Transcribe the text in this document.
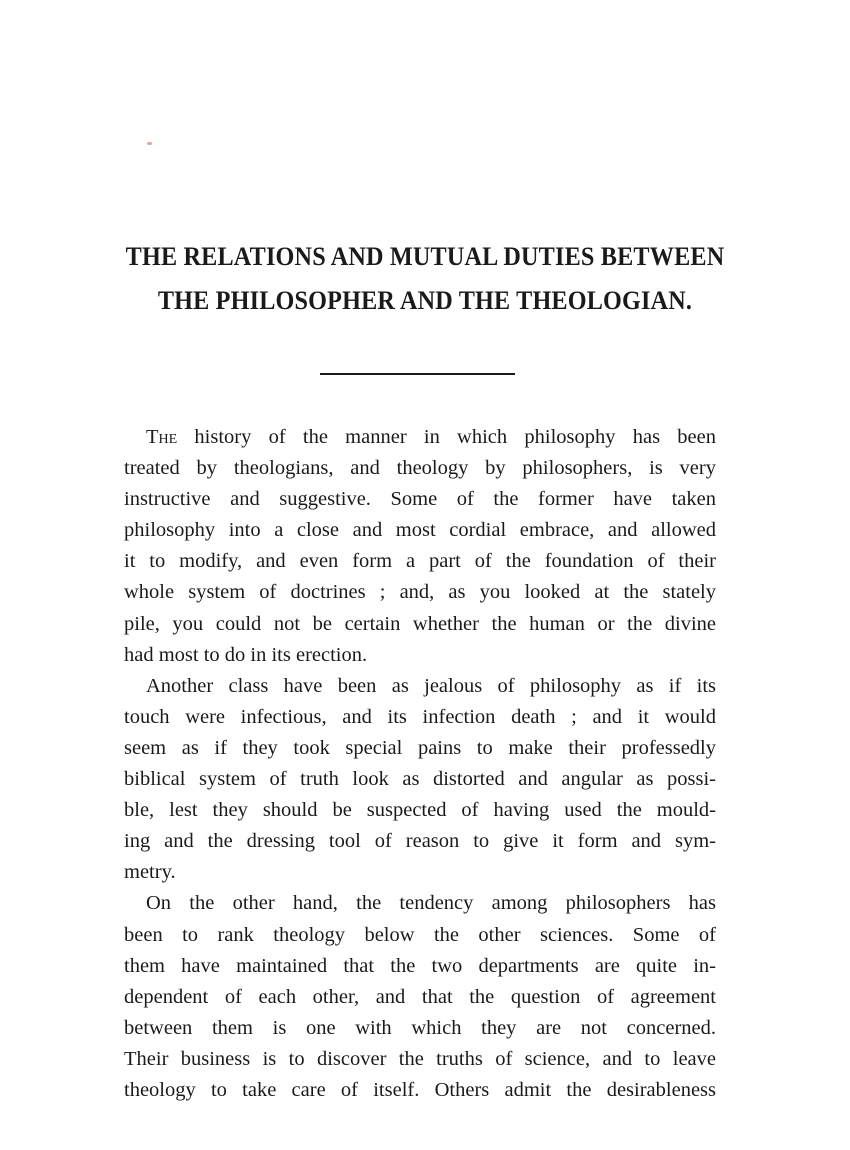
THE RELATIONS AND MUTUAL DUTIES BETWEEN
THE PHILOSOPHER AND THE THEOLOGIAN.
The history of the manner in which philosophy has been
treated by theologians, and theology by philosophers, is very
instructive and suggestive. Some of the former have taken
philosophy into a close and most cordial embrace, and allowed
it to modify, and even form a part of the foundation of their
whole system of doctrines ; and, as you looked at the stately
pile, you could not be certain whether the human or the divine
had most to do in its erection.
Another class have been as jealous of philosophy as if its
touch were infectious, and its infection death ; and it would
seem as if they took special pains to make their professedly
biblical system of truth look as distorted and angular as possi-
ble, lest they should be suspected of having used the mould-
ing and the dressing tool of reason to give it form and sym-
metry.
On the other hand, the tendency among philosophers has
been to rank theology below the other sciences. Some of
them have maintained that the two departments are quite in-
dependent of each other, and that the question of agreement
between them is one with which they are not concerned.
Their business is to discover the truths of science, and to leave
theology to take care of itself. Others admit the desirableness
